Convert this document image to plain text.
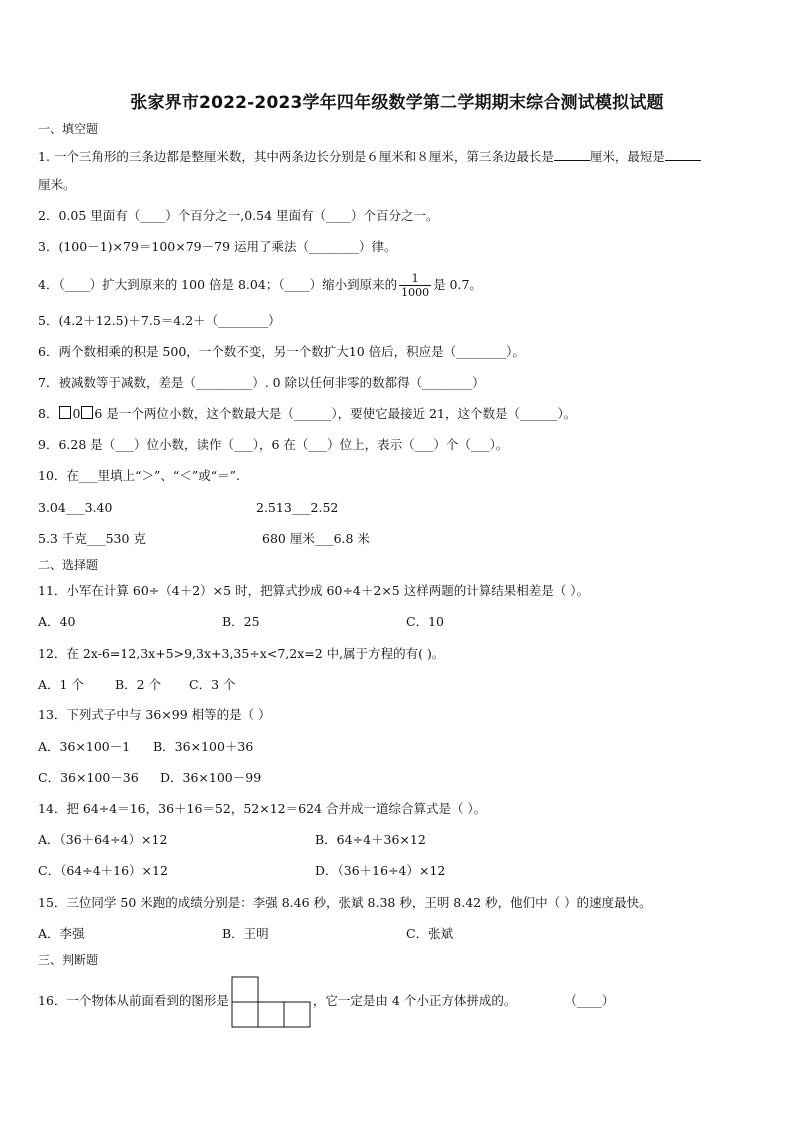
张家界市2022-2023学年四年级数学第二学期期末综合测试模拟试题
一、填空题
1. 一个三角形的三条边都是整厘米数，其中两条边长分别是６厘米和８厘米，第三条边最长是	厘米，最短是
厘米。
2．0.05 里面有（____）个百分之一,0.54 里面有（____）个百分之一。
3．(100－1)×79＝100×79－79 运用了乘法（________）律。
4．（____）扩大到原来的 100 倍是 8.04；（____）缩小到原来的 $\frac{1}{1000}$ 是 0.7。
5．(4.2＋12.5)＋7.5＝4.2＋（________）
6．两个数相乘的积是 500，一个数不变，另一个数扩大10 倍后，积应是（________）。
7．被减数等于减数，差是（_________）. 0 除以任何非零的数都得（________）
8． 0 6 是一个两位小数，这个数最大是（______），要使它最接近 21，这个数是（______）。
9．6.28 是（___）位小数，读作（___），6 在（___）位上，表示（___）个（___）。
10．在___里填上“＞”、“＜”或“＝”.
3.04___3.40	2.513___2.52
5.3 千克___530 克	680 厘米___6.8 米
二、选择题
11．小军在计算 60÷（4＋2）×5 时，把算式抄成 60÷4＋2×5 这样两题的计算结果相差是（ ）。
A．40	B．25	C．10
12．在 2x-6=12,3x+5>9,3x+3,35÷x<7,2x=2 中,属于方程的有( )。
A．1 个 B．2 个 C．3 个
13．下列式子中与 36×99 相等的是（ ）
A．36×100－1 B．36×100＋36
C．36×100－36 D．36×100－99
14．把 64÷4＝16，36＋16＝52，52×12＝624 合并成一道综合算式是（ ）。
A．（36＋64÷4）×12	B．64÷4＋36×12
C．（64÷4＋16）×12	D．（36＋16÷4）×12
15．三位同学 50 米跑的成绩分别是：李强 8.46 秒，张斌 8.38 秒，王明 8.42 秒，他们中（ ）的速度最快。
A．李强	B．王明	C．张斌
三、判断题
16．一个物体从前面看到的图形是	，它一定是由 4 个小正方体拼成的。	（____）
